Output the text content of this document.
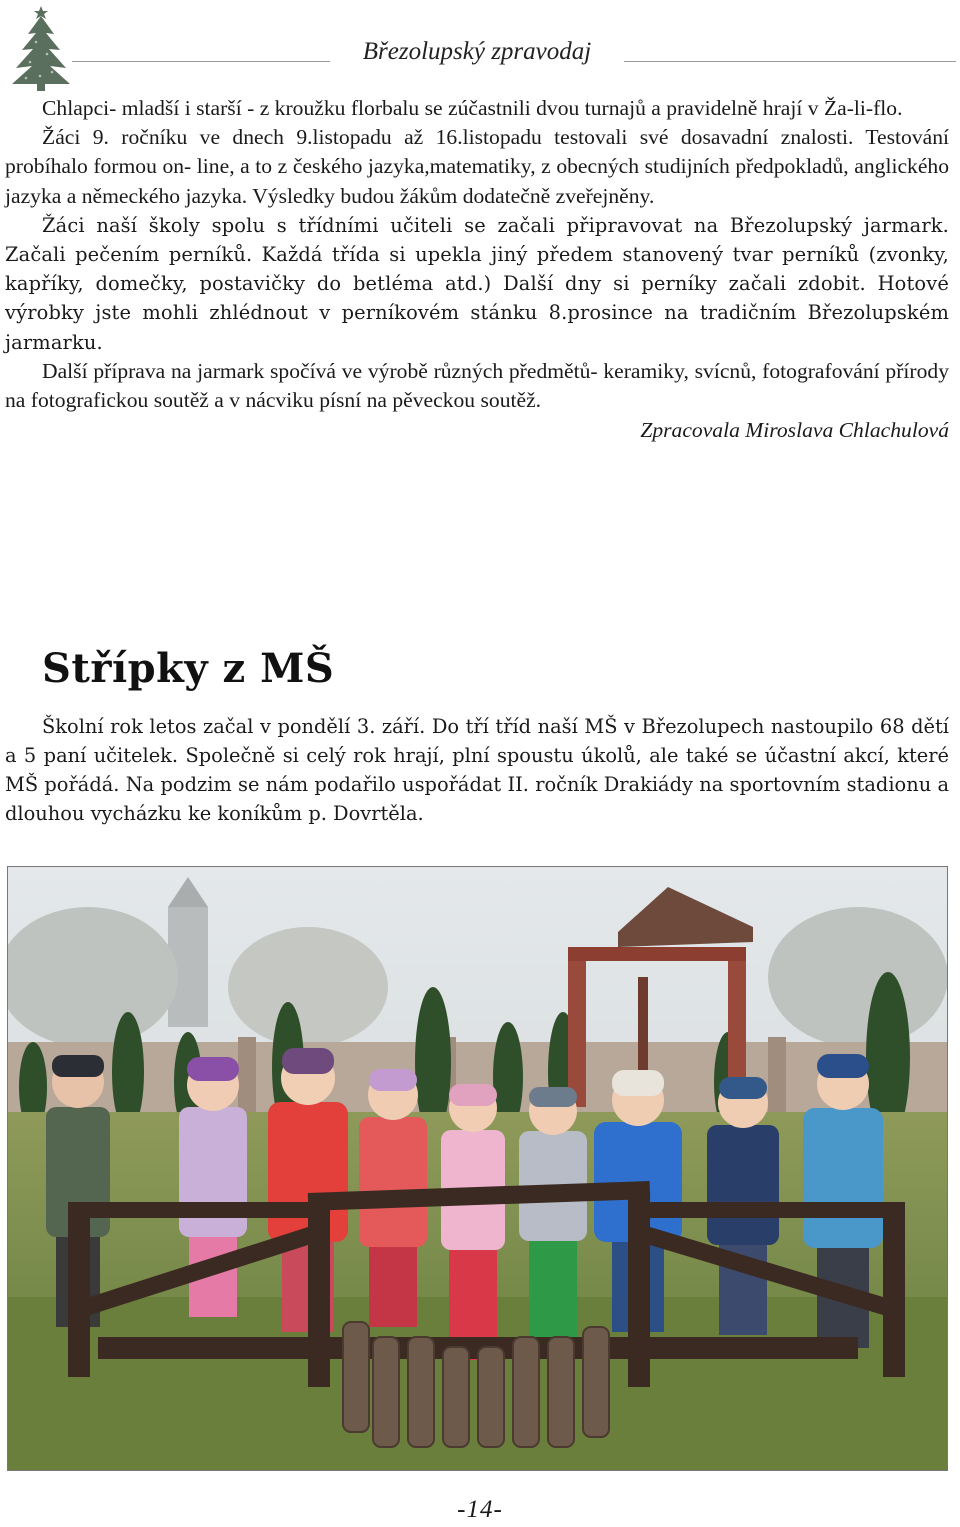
Březolupský zpravodaj

Chlapci- mladší i starší - z kroužku florbalu se zúčastnili dvou turnajů a pravidelně hrají v Ža-li-flo.

Žáci 9. ročníku ve dnech 9.listopadu až 16.listopadu testovali své dosavadní znalosti. Testování probíhalo formou on- line, a to z českého jazyka,matematiky, z obecných studijních předpokladů, anglického jazyka a německého jazyka. Výsledky budou žákům dodatečně zveřejněny.

Žáci naší školy spolu s třídními učiteli se začali připravovat na Březolupský jarmark. Začali pečením perníků. Každá třída si upekla jiný předem stanovený tvar perníků (zvonky, kapříky, domečky, postavičky do betléma atd.) Další dny si perníky začali zdobit. Hotové výrobky jste mohli zhlédnout v perníkovém stánku 8.prosince na tradičním Březolupském jarmarku.

Další příprava na jarmark spočívá ve výrobě různých předmětů- keramiky, svícnů, fotografování přírody na fotografickou soutěž a v nácviku písní na pěveckou soutěž.

Zpracovala Miroslava Chlachulová

Střípky z MŠ

Školní rok letos začal v pondělí 3. září. Do tří tříd naší MŠ v Březolupech nastoupilo 68 dětí a 5 paní učitelek. Společně si celý rok hrají, plní spoustu úkolů, ale také se účastní akcí, které MŠ pořádá. Na podzim se nám podařilo uspořádat II. ročník Drakiády na sportovním stadionu a dlouhou vycházku ke koníkům p. Dovrtěla.

-14-
